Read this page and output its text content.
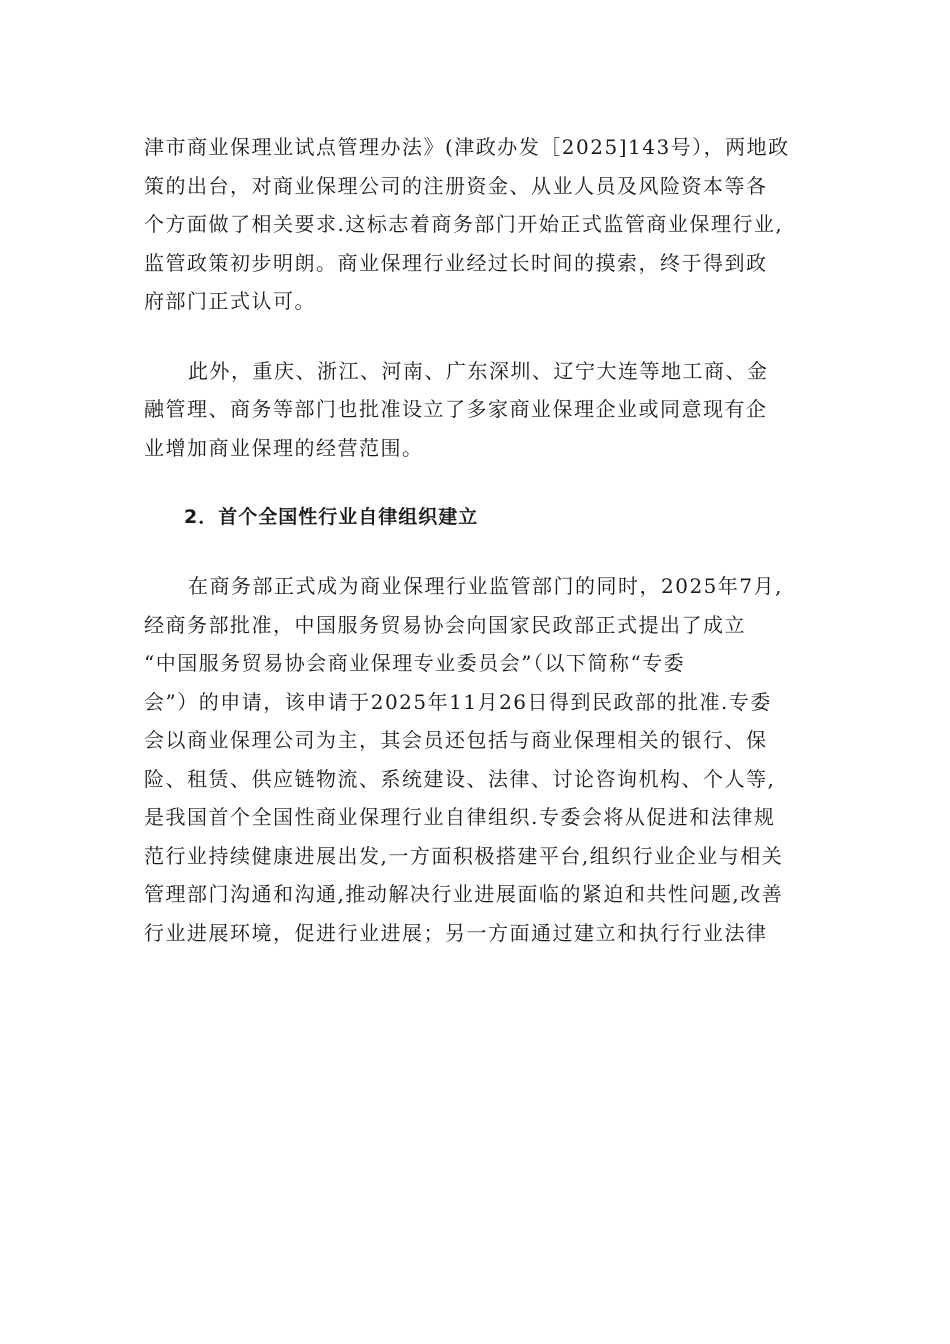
津市商业保理业试点管理办法》(津政办发［2025]143号），两地政
策的出台，对商业保理公司的注册资金、从业人员及风险资本等各
个方面做了相关要求.这标志着商务部门开始正式监管商业保理行业,
监管政策初步明朗。商业保理行业经过长时间的摸索，终于得到政
府部门正式认可。
此外，重庆、浙江、河南、广东深圳、辽宁大连等地工商、金
融管理、商务等部门也批准设立了多家商业保理企业或同意现有企
业增加商业保理的经营范围。
2．首个全国性行业自律组织建立
在商务部正式成为商业保理行业监管部门的同时，2025年7月,
经商务部批准，中国服务贸易协会向国家民政部正式提出了成立
“中国服务贸易协会商业保理专业委员会”（以下简称“专委
会”）的申请，该申请于2025年11月26日得到民政部的批准.专委
会以商业保理公司为主，其会员还包括与商业保理相关的银行、保
险、租赁、供应链物流、系统建设、法律、讨论咨询机构、个人等,
是我国首个全国性商业保理行业自律组织.专委会将从促进和法律规
范行业持续健康进展出发,一方面积极搭建平台,组织行业企业与相关
管理部门沟通和沟通,推动解决行业进展面临的紧迫和共性问题,改善
行业进展环境，促进行业进展；另一方面通过建立和执行行业法律
